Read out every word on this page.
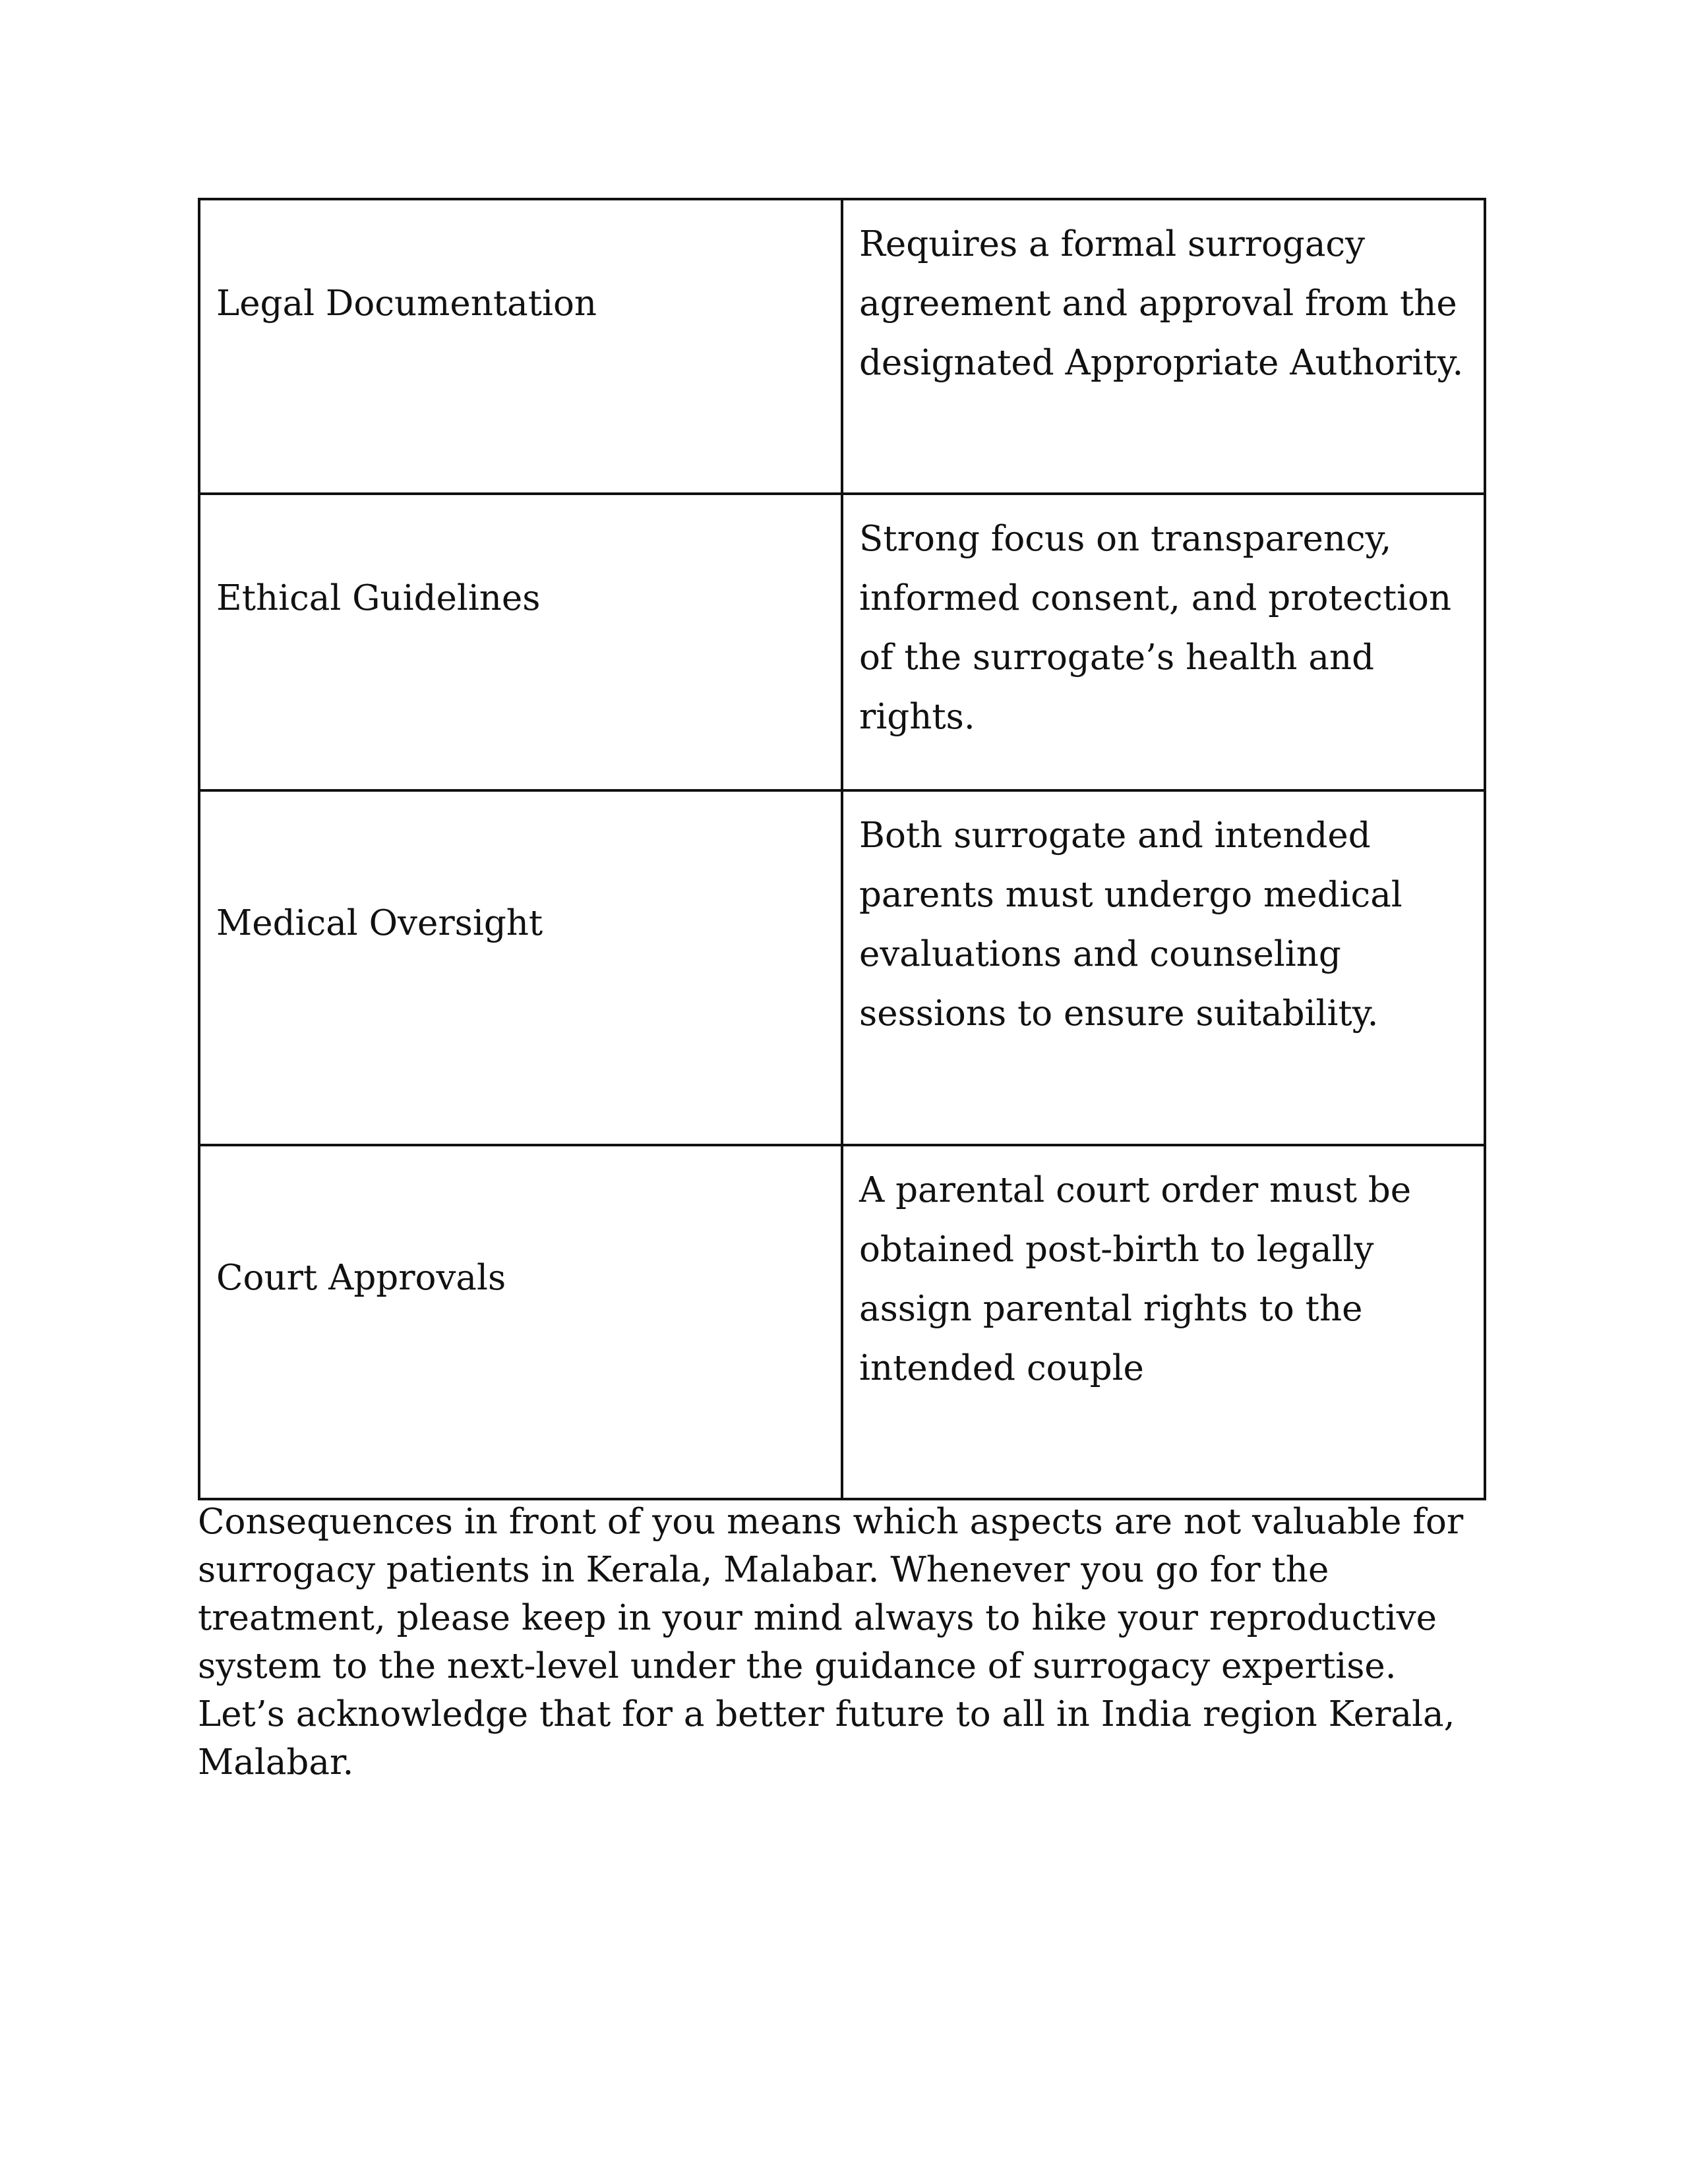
Legal Documentation	Requires a formal surrogacy agreement and approval from the designated Appropriate Authority.
Ethical Guidelines	Strong focus on transparency, informed consent, and protection of the surrogate’s health and rights.
Medical Oversight	Both surrogate and intended parents must undergo medical evaluations and counseling sessions to ensure suitability.
Court Approvals	A parental court order must be obtained post-birth to legally assign parental rights to the intended couple

Consequences in front of you means which aspects are not valuable for surrogacy patients in Kerala, Malabar. Whenever you go for the treatment, please keep in your mind always to hike your reproductive system to the next-level under the guidance of surrogacy expertise. Let’s acknowledge that for a better future to all in India region Kerala, Malabar.
